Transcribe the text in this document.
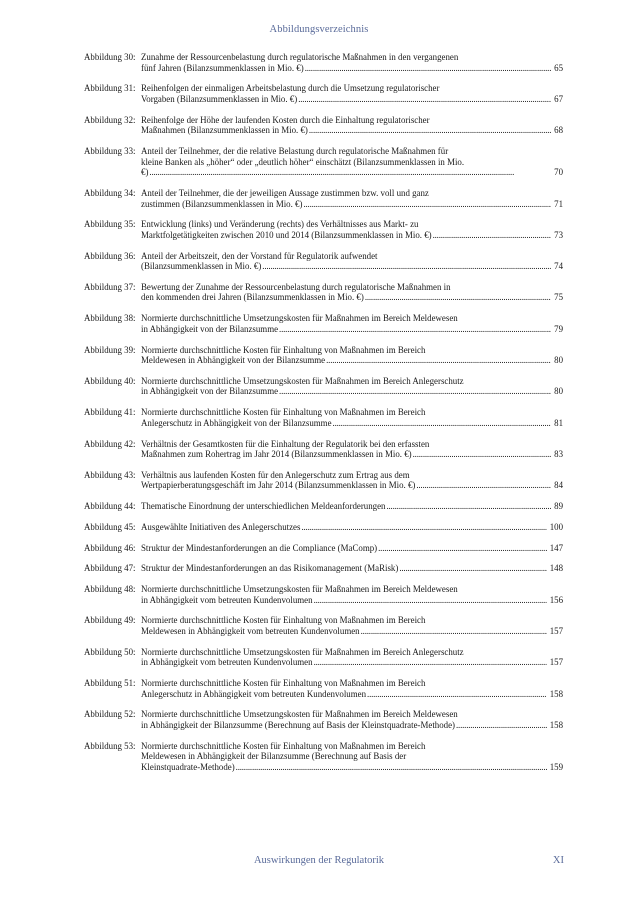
Abbildungsverzeichnis
Abbildung 30: Zunahme der Ressourcenbelastung durch regulatorische Maßnahmen in den vergangenen
fünf Jahren (Bilanzsummenklassen in Mio. €) . . .	65
Abbildung 31: Reihenfolgen der einmaligen Arbeitsbelastung durch die Umsetzung regulatorischer
Vorgaben (Bilanzsummenklassen in Mio. €) . . .	67
Abbildung 32: Reihenfolge der Höhe der laufenden Kosten durch die Einhaltung regulatorischer
Maßnahmen (Bilanzsummenklassen in Mio. €) . . .	68
Abbildung 33: Anteil der Teilnehmer, der die relative Belastung durch regulatorische Maßnahmen für
kleine Banken als „höher“ oder „deutlich höher“ einschätzt (Bilanzsummenklassen in Mio.
€) . . .	70
Abbildung 34: Anteil der Teilnehmer, die der jeweiligen Aussage zustimmen bzw. voll und ganz
zustimmen (Bilanzsummenklassen in Mio. €) . . .	71
Abbildung 35: Entwicklung (links) und Veränderung (rechts) des Verhältnisses aus Markt- zu
Marktfolgetätigkeiten zwischen 2010 und 2014 (Bilanzsummenklassen in Mio. €) . . .	73
Abbildung 36: Anteil der Arbeitszeit, den der Vorstand für Regulatorik aufwendet
(Bilanzsummenklassen in Mio. €) . . .	74
Abbildung 37: Bewertung der Zunahme der Ressourcenbelastung durch regulatorische Maßnahmen in
den kommenden drei Jahren (Bilanzsummenklassen in Mio. €) . . .	75
Abbildung 38: Normierte durchschnittliche Umsetzungskosten für Maßnahmen im Bereich Meldewesen
in Abhängigkeit von der Bilanzsumme . . .	79
Abbildung 39: Normierte durchschnittliche Kosten für Einhaltung von Maßnahmen im Bereich
Meldewesen in Abhängigkeit von der Bilanzsumme . . .	80
Abbildung 40: Normierte durchschnittliche Umsetzungskosten für Maßnahmen im Bereich Anlegerschutz
in Abhängigkeit von der Bilanzsumme . . .	80
Abbildung 41: Normierte durchschnittliche Kosten für Einhaltung von Maßnahmen im Bereich
Anlegerschutz in Abhängigkeit von der Bilanzsumme . . .	81
Abbildung 42: Verhältnis der Gesamtkosten für die Einhaltung der Regulatorik bei den erfassten
Maßnahmen zum Rohertrag im Jahr 2014 (Bilanzsummenklassen in Mio. €) . . .	83
Abbildung 43: Verhältnis aus laufenden Kosten für den Anlegerschutz zum Ertrag aus dem
Wertpapierberatungsgeschäft im Jahr 2014 (Bilanzsummenklassen in Mio. €) . . .	84
Abbildung 44: Thematische Einordnung der unterschiedlichen Meldeanforderungen . . .	89
Abbildung 45: Ausgewählte Initiativen des Anlegerschutzes . . .	100
Abbildung 46: Struktur der Mindestanforderungen an die Compliance (MaComp) . . .	147
Abbildung 47: Struktur der Mindestanforderungen an das Risikomanagement (MaRisk) . . .	148
Abbildung 48: Normierte durchschnittliche Umsetzungskosten für Maßnahmen im Bereich Meldewesen
in Abhängigkeit vom betreuten Kundenvolumen . . .	156
Abbildung 49: Normierte durchschnittliche Kosten für Einhaltung von Maßnahmen im Bereich
Meldewesen in Abhängigkeit vom betreuten Kundenvolumen . . .	157
Abbildung 50: Normierte durchschnittliche Umsetzungskosten für Maßnahmen im Bereich Anlegerschutz
in Abhängigkeit vom betreuten Kundenvolumen . . .	157
Abbildung 51: Normierte durchschnittliche Kosten für Einhaltung von Maßnahmen im Bereich
Anlegerschutz in Abhängigkeit vom betreuten Kundenvolumen . . .	158
Abbildung 52: Normierte durchschnittliche Umsetzungskosten für Maßnahmen im Bereich Meldewesen
in Abhängigkeit der Bilanzsumme (Berechnung auf Basis der Kleinstquadrate-Methode) . . .	158
Abbildung 53: Normierte durchschnittliche Kosten für Einhaltung von Maßnahmen im Bereich
Meldewesen in Abhängigkeit der Bilanzsumme (Berechnung auf Basis der
Kleinstquadrate-Methode) . . .	159
Auswirkungen der Regulatorik	XI
